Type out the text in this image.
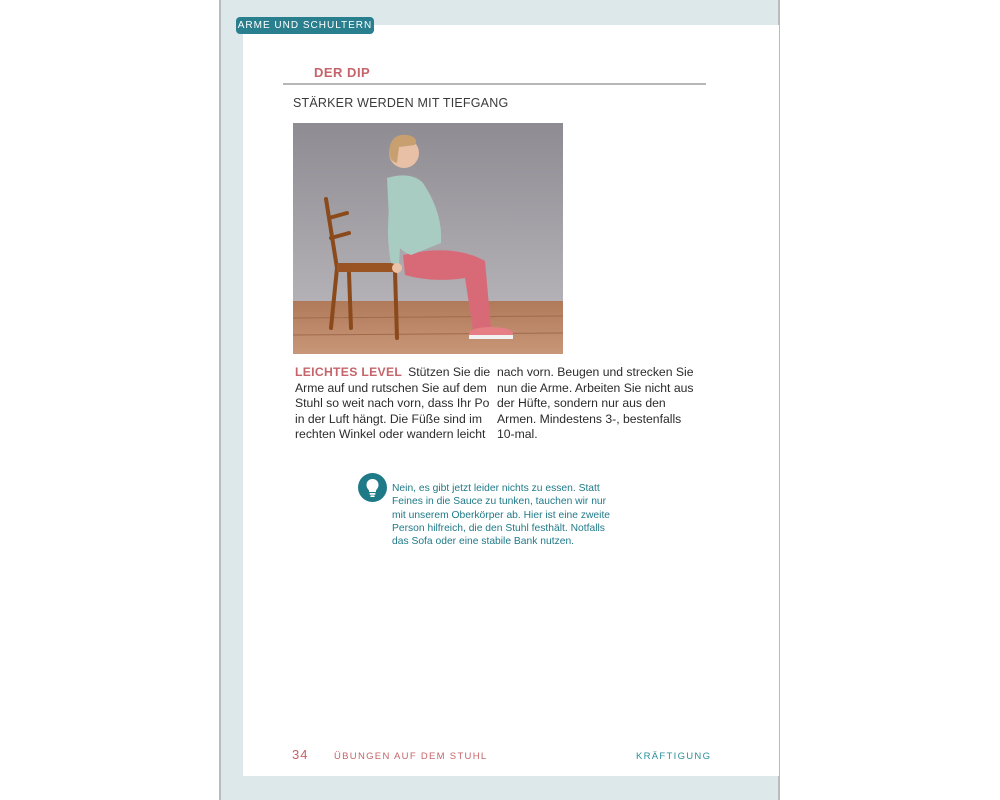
ARME UND SCHULTERN
DER DIP
STÄRKER WERDEN MIT TIEFGANG
LEICHTES LEVEL Stützen Sie die Arme auf und rutschen Sie auf dem Stuhl so weit nach vorn, dass Ihr Po in der Luft hängt. Die Füße sind im rechten Winkel oder wandern leicht
nach vorn. Beugen und strecken Sie nun die Arme. Arbeiten Sie nicht aus der Hüfte, sondern nur aus den Armen. Mindestens 3-, bestenfalls 10-mal.
Nein, es gibt jetzt leider nichts zu essen. Statt Feines in die Sauce zu tunken, tauchen wir nur mit unserem Oberkörper ab. Hier ist eine zweite Person hilfreich, die den Stuhl festhält. Notfalls das Sofa oder eine stabile Bank nutzen.
34	ÜBUNGEN AUF DEM STUHL	KRÄFTIGUNG
